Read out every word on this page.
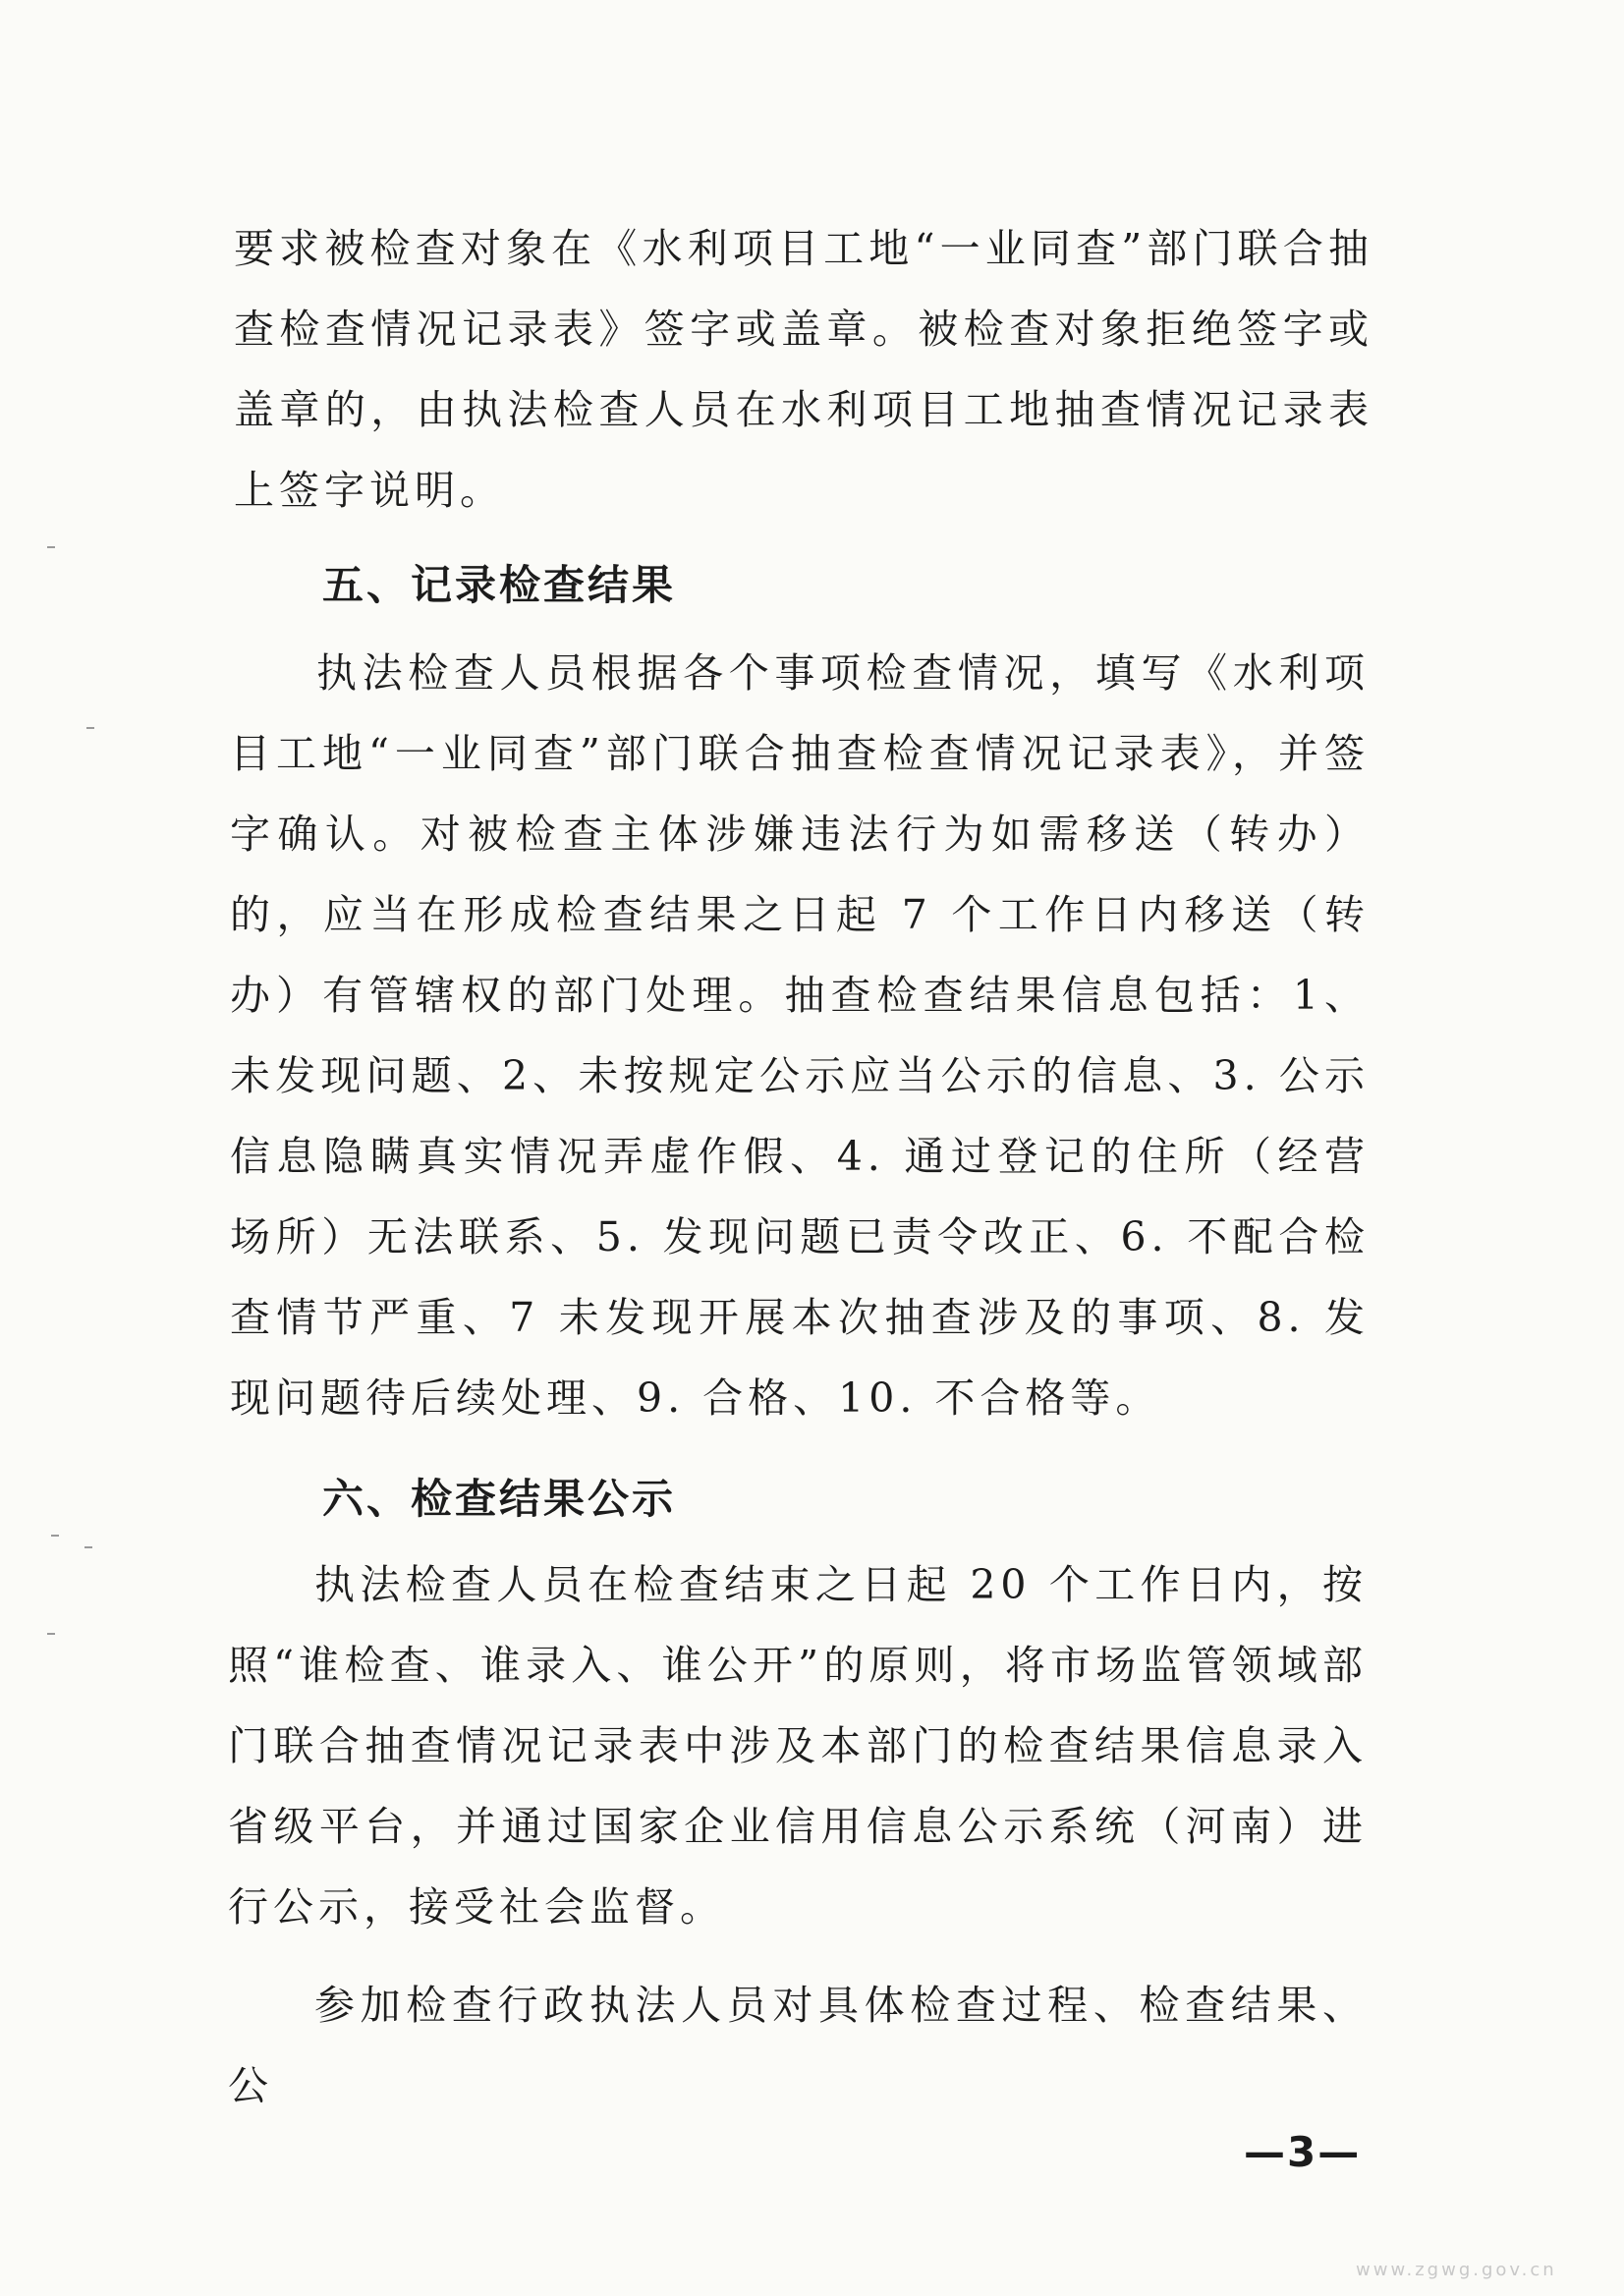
要求被检查对象在《水利项目工地“一业同查”部门联合抽查检查情况记录表》签字或盖章。被检查对象拒绝签字或盖章的，由执法检查人员在水利项目工地抽查情况记录表上签字说明。

五、记录检查结果

执法检查人员根据各个事项检查情况，填写《水利项目工地“一业同查”部门联合抽查检查情况记录表》，并签字确认。对被检查主体涉嫌违法行为如需移送（转办）的，应当在形成检查结果之日起 7 个工作日内移送（转办）有管辖权的部门处理。抽查检查结果信息包括：1、未发现问题、2、未按规定公示应当公示的信息、3. 公示信息隐瞒真实情况弄虚作假、4. 通过登记的住所（经营场所）无法联系、5. 发现问题已责令改正、6. 不配合检查情节严重、7 未发现开展本次抽查涉及的事项、8. 发现问题待后续处理、9. 合格、10. 不合格等。

六、检查结果公示

执法检查人员在检查结束之日起 20 个工作日内，按照“谁检查、谁录入、谁公开”的原则，将市场监管领域部门联合抽查情况记录表中涉及本部门的检查结果信息录入省级平台，并通过国家企业信用信息公示系统（河南）进行公示，接受社会监督。

参加检查行政执法人员对具体检查过程、检查结果、公

—3—
www.zgwg.gov.cn
